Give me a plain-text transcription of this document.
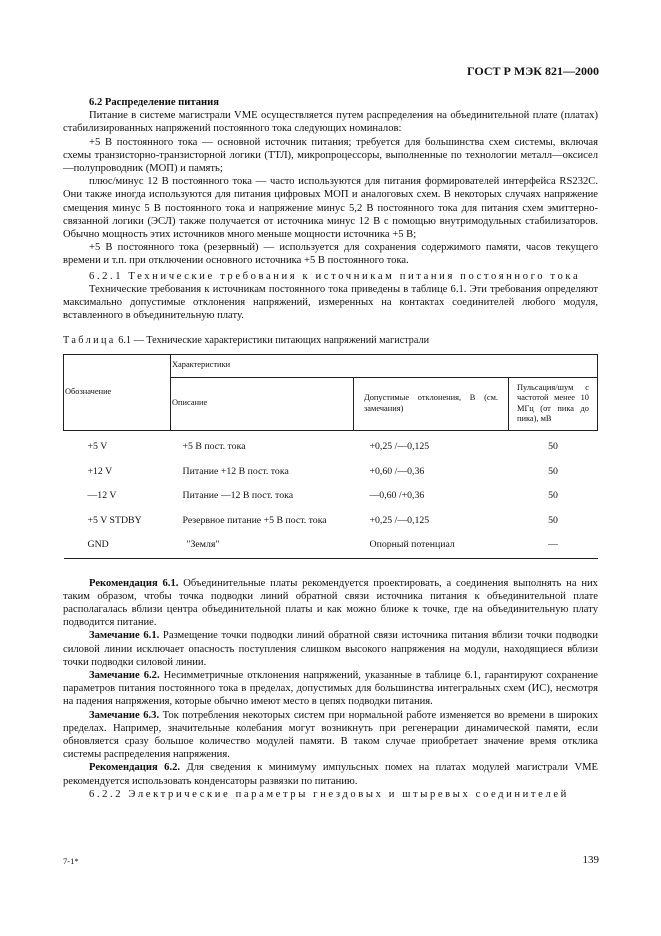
ГОСТ Р МЭК 821—2000

6.2 Распределение питания

Питание в системе магистрали VME осуществляется путем распределения на объединительной плате (платах) стабилизированных напряжений постоянного тока следующих номиналов:

+5 В постоянного тока — основной источник питания; требуется для большинства схем системы, включая схемы транзисторно-транзисторной логики (ТТЛ), микропроцессоры, выполненные по технологии металл—оксисел—полупроводник (МОП) и память;

плюс/минус 12 В постоянного тока — часто используются для питания формирователей интерфейса RS232C. Они также иногда используются для питания цифровых МОП и аналоговых схем. В некоторых случаях напряжение смещения минус 5 В постоянного тока и напряжение минус 5,2 В постоянного тока для питания схем эмиттерно-связанной логики (ЭСЛ) также получается от источника минус 12 В с помощью внутримодульных стабилизаторов. Обычно мощность этих источников много меньше мощности источника +5 В;

+5 В постоянного тока (резервный) — используется для сохранения содержимого памяти, часов текущего времени и т.п. при отключении основного источника +5 В постоянного тока.

6.2.1 Технические требования к источникам питания постоянного тока

Технические требования к источникам постоянного тока приведены в таблице 6.1. Эти требования определяют максимально допустимые отклонения напряжений, измеренных на контактах соединителей любого модуля, вставленного в объединительную плату.

Таблица 6.1 — Технические характеристики питающих напряжений магистрали

Обозначение	Характеристики		
	Описание	Допустимые отклонения, В (см. замечания)	Пульсация/шум с частотой менее 10 МГц (от пика до пика), мВ
+5 V	+5 В пост. тока	+0,25 /—0,125	50
+12 V	Питание +12 В пост. тока	+0,60 /—0,36	50
—12 V	Питание —12 В пост. тока	—0,60 /+0,36	50
+5 V STDBY	Резервное питание +5 В пост. тока	+0,25 /—0,125	50
GND	"Земля"	Опорный потенциал	—

Рекомендация 6.1. Объединительные платы рекомендуется проектировать, а соединения выполнять на них таким образом, чтобы точка подводки линий обратной связи источника питания к объединительной плате располагалась вблизи центра объединительной платы и как можно ближе к точке, где на объединительную плату подводится питание.

Замечание 6.1. Размещение точки подводки линий обратной связи источника питания вблизи точки подводки силовой линии исключает опасность поступления слишком высокого напряжения на модули, находящиеся вблизи точки подводки силовой линии.

Замечание 6.2. Несимметричные отклонения напряжений, указанные в таблице 6.1, гарантируют сохранение параметров питания постоянного тока в пределах, допустимых для большинства интегральных схем (ИС), несмотря на падения напряжения, которые обычно имеют место в цепях подводки питания.

Замечание 6.3. Ток потребления некоторых систем при нормальной работе изменяется во времени в широких пределах. Например, значительные колебания могут возникнуть при регенерации динамической памяти, если обновляется сразу большое количество модулей памяти. В таком случае приобретает значение время отклика системы распределения напряжения.

Рекомендация 6.2. Для сведения к минимуму импульсных помех на платах модулей магистрали VME рекомендуется использовать конденсаторы развязки по питанию.

6.2.2 Электрические параметры гнездовых и штыревых соединителей

7-1*	139
